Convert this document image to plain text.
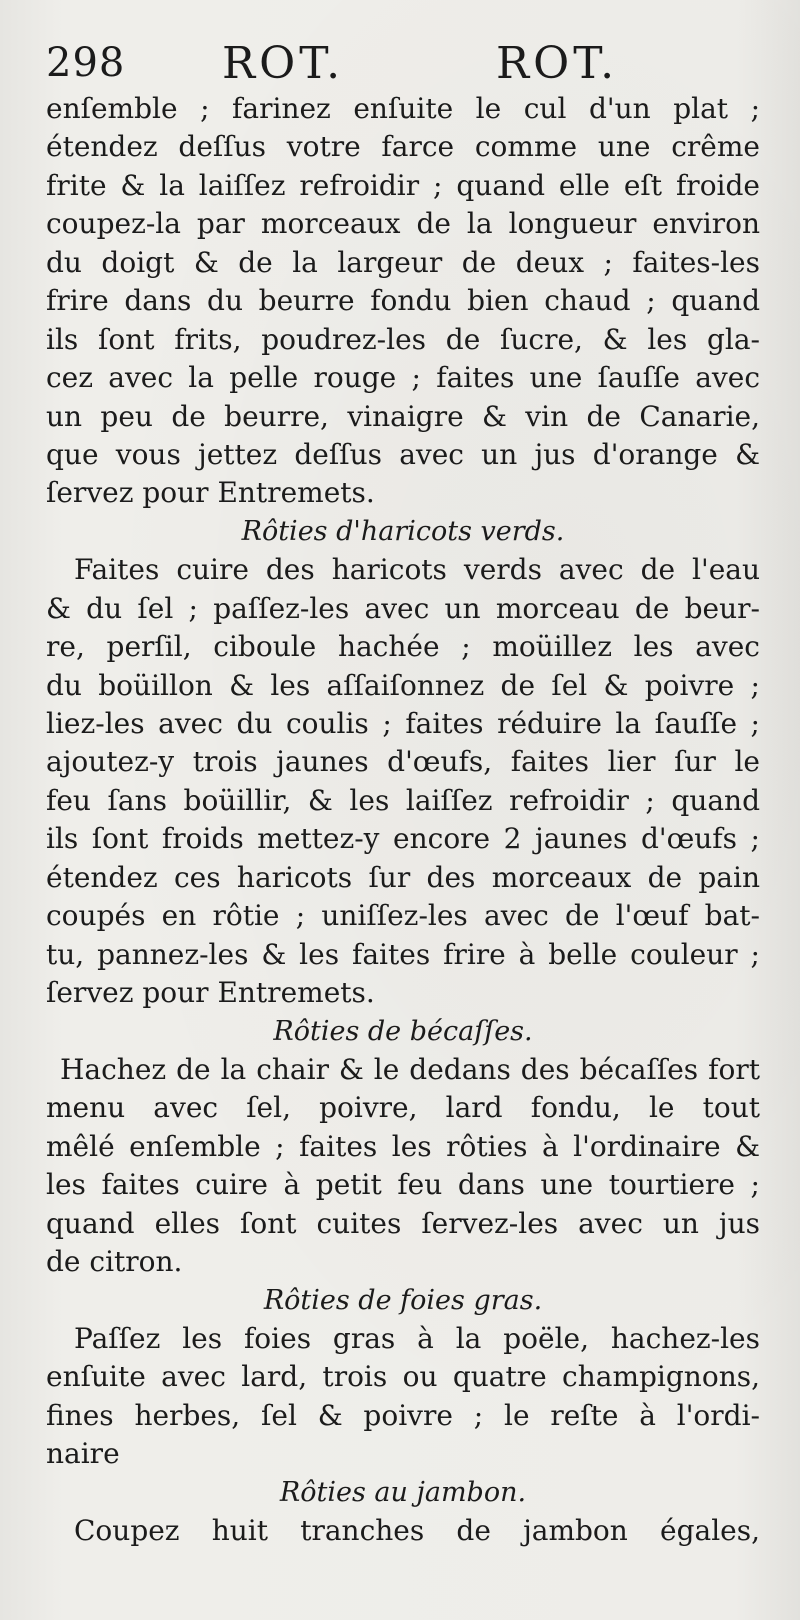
298 ROT.	ROT.
enſemble ; farinez enſuite le cul d'un plat ;
étendez deſſus votre farce comme une crême
frite & la laiſſez refroidir ; quand elle eſt froide
coupez-la par morceaux de la longueur environ
du doigt & de la largeur de deux ; faites-les
frire dans du beurre fondu bien chaud ; quand
ils ſont frits, poudrez-les de ſucre, & les gla-
cez avec la pelle rouge ; faites une ſauſſe avec
un peu de beurre, vinaigre & vin de Canarie,
que vous jettez deſſus avec un jus d'orange &
ſervez pour Entremets.
Rôties d'haricots verds.
Faites cuire des haricots verds avec de l'eau
& du ſel ; paſſez-les avec un morceau de beur-
re, perſil, ciboule hachée ; moüillez les avec
du boüillon & les aſſaiſonnez de ſel & poivre ;
liez-les avec du coulis ; faites réduire la ſauſſe ;
ajoutez-y trois jaunes d'œufs, faites lier ſur le
feu ſans boüillir, & les laiſſez refroidir ; quand
ils ſont froids mettez-y encore 2 jaunes d'œufs ;
étendez ces haricots ſur des morceaux de pain
coupés en rôtie ; uniſſez-les avec de l'œuf bat-
tu, pannez-les & les faites frire à belle couleur ;
ſervez pour Entremets.
Rôties de bécaſſes.
Hachez de la chair & le dedans des bécaſſes fort
menu avec ſel, poivre, lard fondu, le tout
mêlé enſemble ; faites les rôties à l'ordinaire &
les faites cuire à petit feu dans une tourtiere ;
quand elles ſont cuites ſervez-les avec un jus
de citron.
Rôties de foies gras.
Paſſez les foies gras à la poële, hachez-les
enſuite avec lard, trois ou quatre champignons,
fines herbes, ſel & poivre ; le reſte à l'ordi-
naire
Rôties au jambon.
Coupez huit tranches de jambon égales,
